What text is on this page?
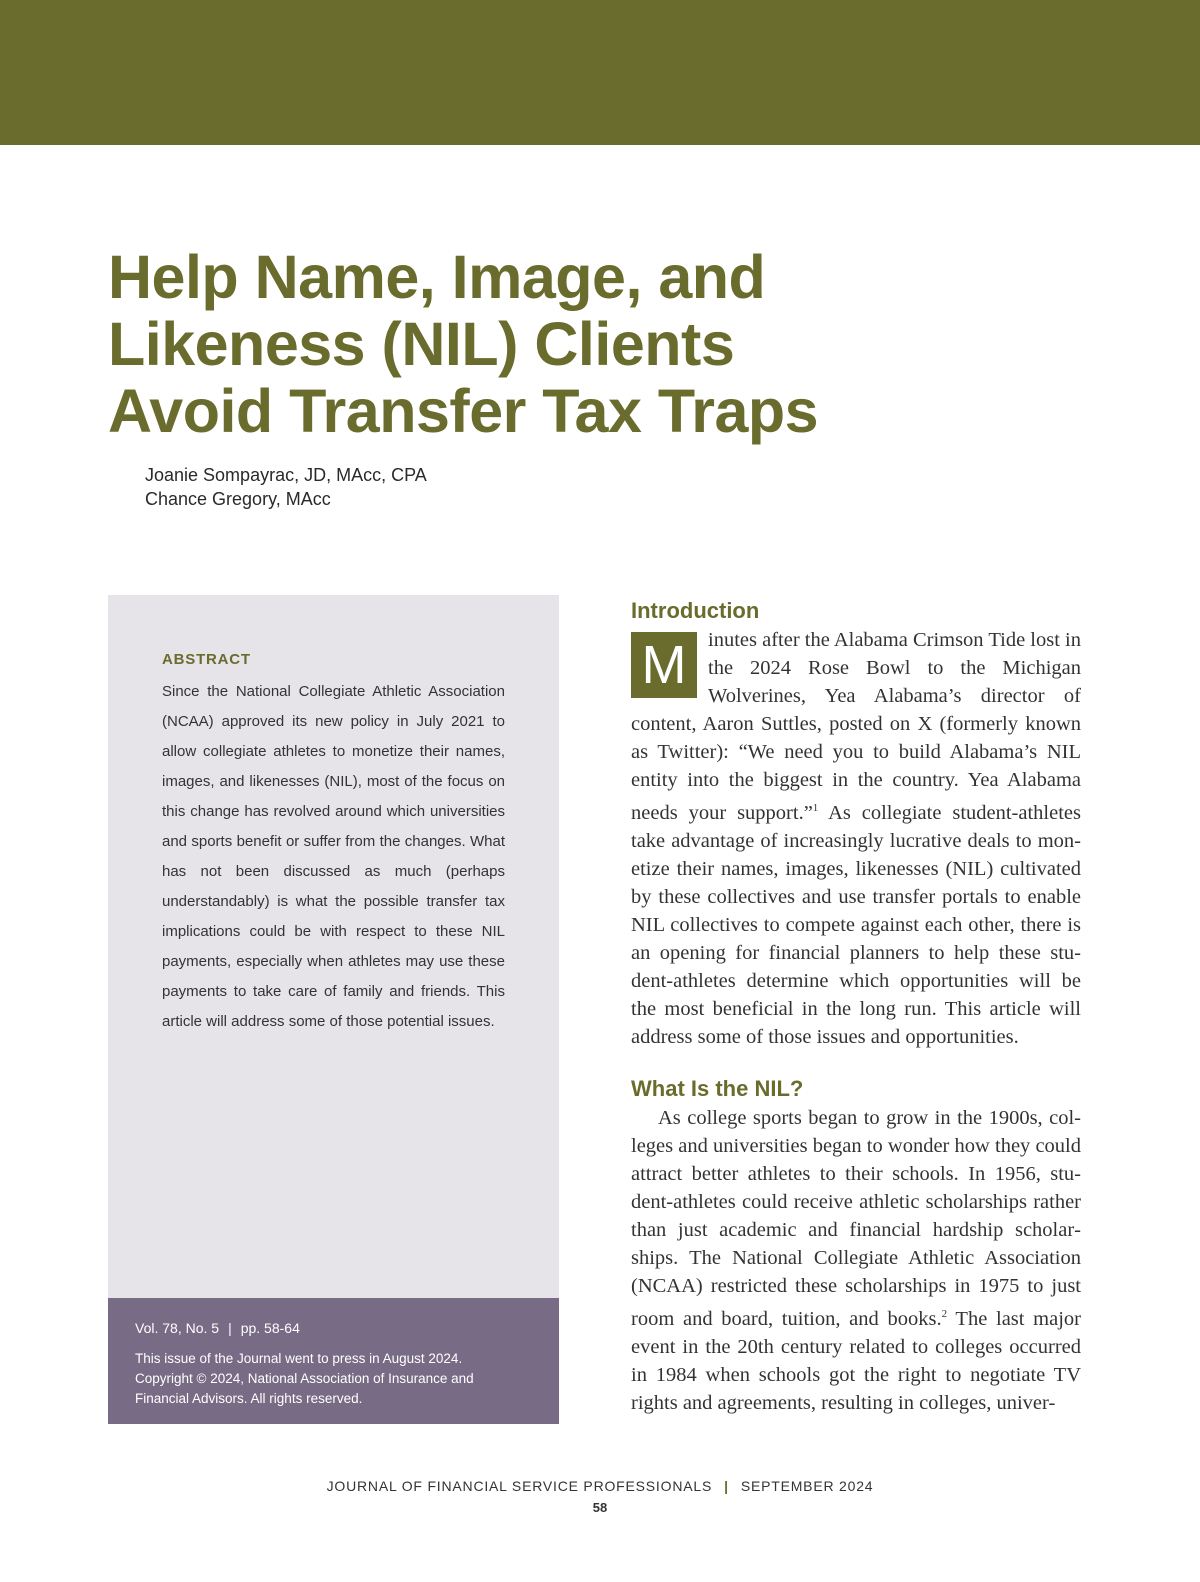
Help Name, Image, and
Likeness (NIL) Clients
Avoid Transfer Tax Traps
Joanie Sompayrac, JD, MAcc, CPA
Chance Gregory, MAcc
ABSTRACT

Since the National Collegiate Athletic Association (NCAA) approved its new policy in July 2021 to allow collegiate athletes to monetize their names, images, and likenesses (NIL), most of the focus on this change has revolved around which universities and sports benefit or suffer from the changes. What has not been discussed as much (perhaps understandably) is what the possible transfer tax implications could be with respect to these NIL payments, especially when athletes may use these payments to take care of family and friends. This article will address some of those potential issues.

Vol. 78, No. 5 | pp. 58-64

This issue of the Journal went to press in August 2024.
Copyright © 2024, National Association of Insurance and
Financial Advisors. All rights reserved.

Introduction

M	inutes after the Alabama Crimson Tide lost in the 2024 Rose Bowl to the Michigan Wolverines, Yea Alabama’s director of content, Aaron Suttles, posted on X (formerly known as Twitter): “We need you to build Alabama’s NIL entity into the biggest in the country. Yea Alabama needs your support.”$^1$ As collegiate student-athletes take advantage of increasingly lucrative deals to monetize their names, images, likenesses (NIL) cultivated by these collectives and use transfer portals to enable NIL collectives to compete against each other, there is an opening for financial planners to help these student-athletes determine which opportunities will be the most beneficial in the long run. This article will address some of those issues and opportunities.

What Is the NIL?

As college sports began to grow in the 1900s, colleges and universities began to wonder how they could attract better athletes to their schools. In 1956, student-athletes could receive athletic scholarships rather than just academic and financial hardship scholarships. The National Collegiate Athletic Association (NCAA) restricted these scholarships in 1975 to just room and board, tuition, and books.$^2$ The last major event in the 20th century related to colleges occurred in 1984 when schools got the right to negotiate TV rights and agreements, resulting in colleges, univer-

JOURNAL OF FINANCIAL SERVICE PROFESSIONALS | SEPTEMBER 2024
58
